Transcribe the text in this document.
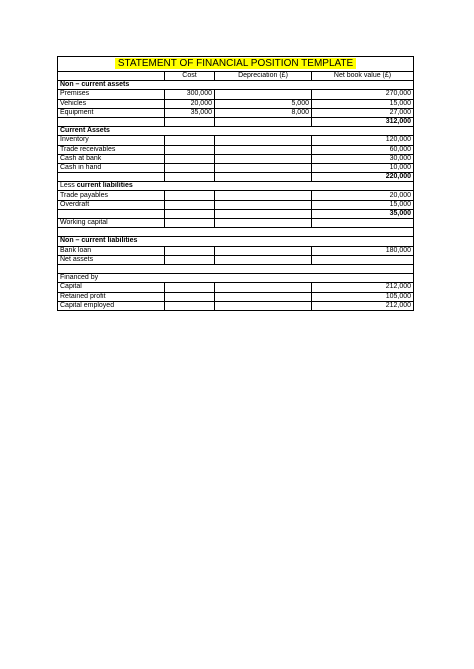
STATEMENT OF FINANCIAL POSITION TEMPLATE			
	Cost	Depreciation (£)	Net book value (£)
Non – current assets			
Premises	300,000		270,000
Vehicles	20,000	5,000	15,000
Equipment	35,000	8,000	27,000
			312,000
Current Assets			
Inventory			120,000
Trade receivables			60,000
Cash at bank			30,000
Cash in hand			10,000
			220,000
Less current liabilities			
Trade payables			20,000
Overdraft			15,000
			35,000
Working capital			

Non – current liabilities			
Bank loan			180,000
Net assets			

Financed by			
Capital			212,000
Retained profit			105,000
Capital employed			212,000
